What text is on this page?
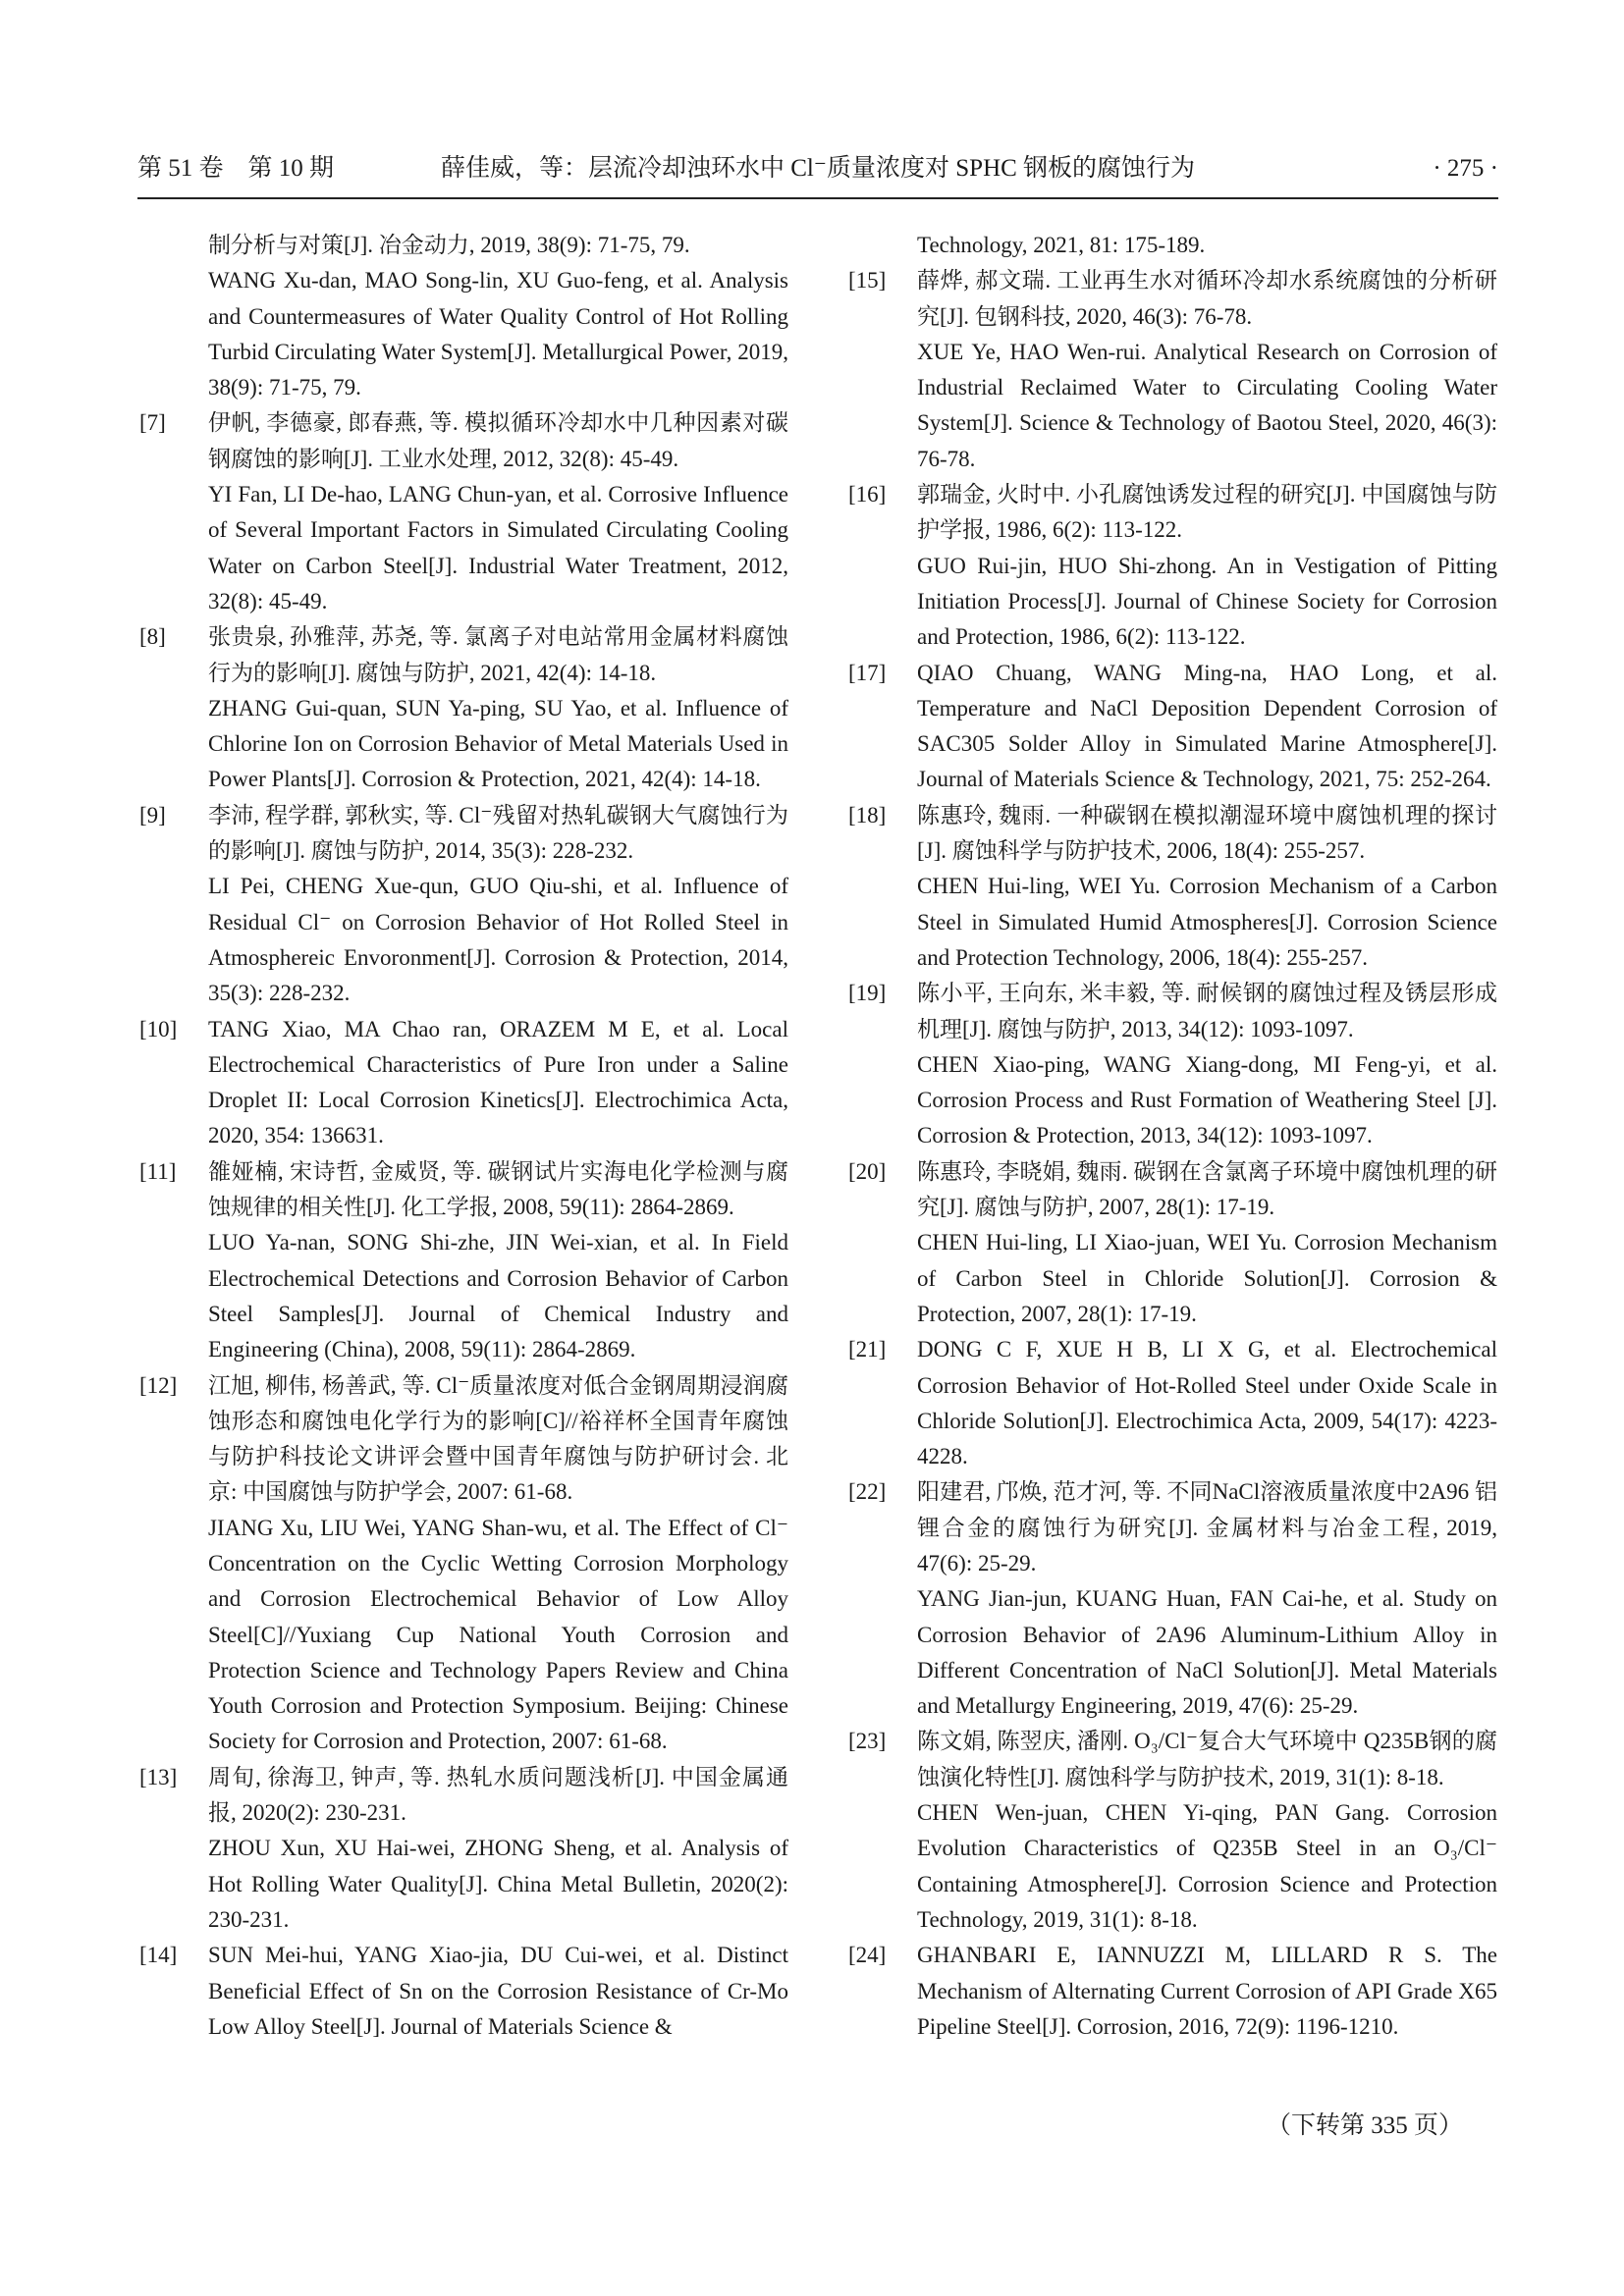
第 51 卷　第 10 期	薛佳威，等：层流冷却浊环水中 Cl⁻质量浓度对 SPHC 钢板的腐蚀行为	· 275 ·
制分析与对策[J]. 冶金动力, 2019, 38(9): 71-75, 79.
WANG Xu-dan, MAO Song-lin, XU Guo-feng, et al. Analysis and Countermeasures of Water Quality Control of Hot Rolling Turbid Circulating Water System[J]. Metallurgical Power, 2019, 38(9): 71-75, 79.
[7] 伊帆, 李德豪, 郎春燕, 等. 模拟循环冷却水中几种因素对碳钢腐蚀的影响[J]. 工业水处理, 2012, 32(8): 45-49.
YI Fan, LI De-hao, LANG Chun-yan, et al. Corrosive Influence of Several Important Factors in Simulated Circulating Cooling Water on Carbon Steel[J]. Industrial Water Treatment, 2012, 32(8): 45-49.
[8] 张贵泉, 孙雅萍, 苏尧, 等. 氯离子对电站常用金属材料腐蚀行为的影响[J]. 腐蚀与防护, 2021, 42(4): 14-18.
ZHANG Gui-quan, SUN Ya-ping, SU Yao, et al. Influence of Chlorine Ion on Corrosion Behavior of Metal Materials Used in Power Plants[J]. Corrosion & Protection, 2021, 42(4): 14-18.
[9] 李沛, 程学群, 郭秋实, 等. Cl⁻残留对热轧碳钢大气腐蚀行为的影响[J]. 腐蚀与防护, 2014, 35(3): 228-232.
LI Pei, CHENG Xue-qun, GUO Qiu-shi, et al. Influence of Residual Cl⁻ on Corrosion Behavior of Hot Rolled Steel in Atmosphereic Envoronment[J]. Corrosion & Protection, 2014, 35(3): 228-232.
[10] TANG Xiao, MA Chao ran, ORAZEM M E, et al. Local Electrochemical Characteristics of Pure Iron under a Saline Droplet II: Local Corrosion Kinetics[J]. Electrochimica Acta, 2020, 354: 136631.
[11] 雒娅楠, 宋诗哲, 金威贤, 等. 碳钢试片实海电化学检测与腐蚀规律的相关性[J]. 化工学报, 2008, 59(11): 2864-2869.
LUO Ya-nan, SONG Shi-zhe, JIN Wei-xian, et al. In Field Electrochemical Detections and Corrosion Behavior of Carbon Steel Samples[J]. Journal of Chemical Industry and Engineering (China), 2008, 59(11): 2864-2869.
[12] 江旭, 柳伟, 杨善武, 等. Cl⁻质量浓度对低合金钢周期浸润腐蚀形态和腐蚀电化学行为的影响[C]//裕祥杯全国青年腐蚀与防护科技论文讲评会暨中国青年腐蚀与防护研讨会. 北京: 中国腐蚀与防护学会, 2007: 61-68.
JIANG Xu, LIU Wei, YANG Shan-wu, et al. The Effect of Cl⁻ Concentration on the Cyclic Wetting Corrosion Morphology and Corrosion Electrochemical Behavior of Low Alloy Steel[C]//Yuxiang Cup National Youth Corrosion and Protection Science and Technology Papers Review and China Youth Corrosion and Protection Symposium. Beijing: Chinese Society for Corrosion and Protection, 2007: 61-68.
[13] 周旬, 徐海卫, 钟声, 等. 热轧水质问题浅析[J]. 中国金属通报, 2020(2): 230-231.
ZHOU Xun, XU Hai-wei, ZHONG Sheng, et al. Analysis of Hot Rolling Water Quality[J]. China Metal Bulletin, 2020(2): 230-231.
[14] SUN Mei-hui, YANG Xiao-jia, DU Cui-wei, et al. Distinct Beneficial Effect of Sn on the Corrosion Resistance of Cr-Mo Low Alloy Steel[J]. Journal of Materials Science &
Technology, 2021, 81: 175-189.
[15] 薛烨, 郝文瑞. 工业再生水对循环冷却水系统腐蚀的分析研究[J]. 包钢科技, 2020, 46(3): 76-78.
XUE Ye, HAO Wen-rui. Analytical Research on Corrosion of Industrial Reclaimed Water to Circulating Cooling Water System[J]. Science & Technology of Baotou Steel, 2020, 46(3): 76-78.
[16] 郭瑞金, 火时中. 小孔腐蚀诱发过程的研究[J]. 中国腐蚀与防护学报, 1986, 6(2): 113-122.
GUO Rui-jin, HUO Shi-zhong. An in Vestigation of Pitting Initiation Process[J]. Journal of Chinese Society for Corrosion and Protection, 1986, 6(2): 113-122.
[17] QIAO Chuang, WANG Ming-na, HAO Long, et al. Temperature and NaCl Deposition Dependent Corrosion of SAC305 Solder Alloy in Simulated Marine Atmosphere[J]. Journal of Materials Science & Technology, 2021, 75: 252-264.
[18] 陈惠玲, 魏雨. 一种碳钢在模拟潮湿环境中腐蚀机理的探讨[J]. 腐蚀科学与防护技术, 2006, 18(4): 255-257.
CHEN Hui-ling, WEI Yu. Corrosion Mechanism of a Carbon Steel in Simulated Humid Atmospheres[J]. Corrosion Science and Protection Technology, 2006, 18(4): 255-257.
[19] 陈小平, 王向东, 米丰毅, 等. 耐候钢的腐蚀过程及锈层形成机理[J]. 腐蚀与防护, 2013, 34(12): 1093-1097.
CHEN Xiao-ping, WANG Xiang-dong, MI Feng-yi, et al. Corrosion Process and Rust Formation of Weathering Steel [J]. Corrosion & Protection, 2013, 34(12): 1093-1097.
[20] 陈惠玲, 李晓娟, 魏雨. 碳钢在含氯离子环境中腐蚀机理的研究[J]. 腐蚀与防护, 2007, 28(1): 17-19.
CHEN Hui-ling, LI Xiao-juan, WEI Yu. Corrosion Mechanism of Carbon Steel in Chloride Solution[J]. Corrosion & Protection, 2007, 28(1): 17-19.
[21] DONG C F, XUE H B, LI X G, et al. Electrochemical Corrosion Behavior of Hot-Rolled Steel under Oxide Scale in Chloride Solution[J]. Electrochimica Acta, 2009, 54(17): 4223-4228.
[22] 阳建君, 邝焕, 范才河, 等. 不同NaCl溶液质量浓度中2A96 铝锂合金的腐蚀行为研究[J]. 金属材料与冶金工程, 2019, 47(6): 25-29.
YANG Jian-jun, KUANG Huan, FAN Cai-he, et al. Study on Corrosion Behavior of 2A96 Aluminum-Lithium Alloy in Different Concentration of NaCl Solution[J]. Metal Materials and Metallurgy Engineering, 2019, 47(6): 25-29.
[23] 陈文娟, 陈翌庆, 潘刚. O₃/Cl⁻复合大气环境中 Q235B钢的腐蚀演化特性[J]. 腐蚀科学与防护技术, 2019, 31(1): 8-18.
CHEN Wen-juan, CHEN Yi-qing, PAN Gang. Corrosion Evolution Characteristics of Q235B Steel in an O₃/Cl⁻ Containing Atmosphere[J]. Corrosion Science and Protection Technology, 2019, 31(1): 8-18.
[24] GHANBARI E, IANNUZZI M, LILLARD R S. The Mechanism of Alternating Current Corrosion of API Grade X65 Pipeline Steel[J]. Corrosion, 2016, 72(9): 1196-1210.
（下转第 335 页）
